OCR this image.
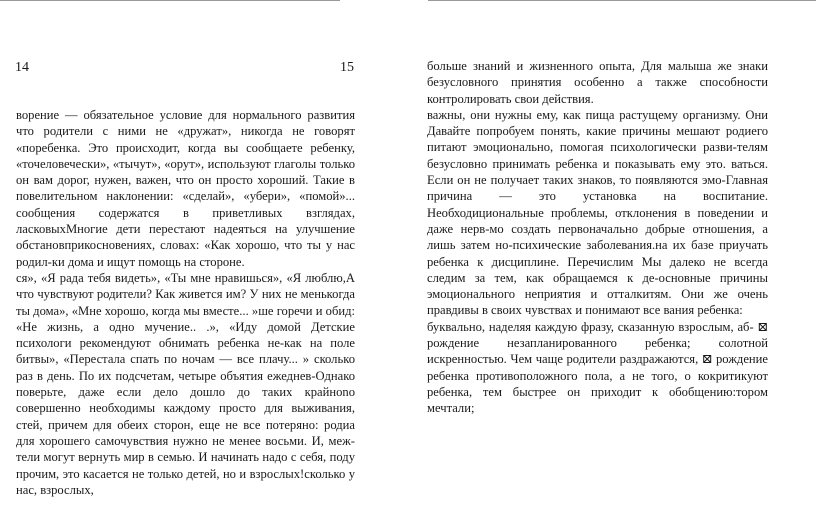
14	15

ворение — обязательное условие для нормального развития что родители с ними не «дружат», никогда не говорят «поребенка. Это происходит, когда вы сообщаете ребенку, «точеловечески», «тычут», «орут», используют глаголы только он вам дорог, нужен, важен, что он просто хороший. Такие в повелительном наклонении: «сделай», «убери», «помой»... сообщения содержатся в приветливых взглядах, ласковыхМногие дети перестают надеяться на улучшение обстановприкосновениях, словах: «Как хорошо, что ты у нас родил-ки дома и ищут помощь на стороне.

ся», «Я рада тебя видеть», «Ты мне нравишься», «Я люблю,А что чувствуют родители? Как живется им? У них не менькогда ты дома», «Мне хорошо, когда мы вместе... »ше горечи и обид: «Не жизнь, а одно мучение.. .», «Иду домой Детские психологи рекомендуют обнимать ребенка не-как на поле битвы», «Перестала спать по ночам — все плачу... » сколько раз в день. По их подсчетам, четыре объятия ежеднев-Однако поверьте, даже если дело дошло до таких крайнono совершенно необходимы каждому просто для выживания, стей, причем для обеих сторон, еще не все потеряно: родиа для хорошего самочувствия нужно не менее восьми. И, меж-тели могут вернуть мир в семью. И начинать надо с себя, поду прочим, это касается не только детей, но и взрослых!сколько у нас, взрослых,

больше знаний и жизненного опыта, Для малыша же знаки безусловного принятия особенно а также способности контролировать свои действия.

важны, они нужны ему, как пища растущему организму. Они Давайте попробуем понять, какие причины мешают родиего питают эмоционально, помогая психологически разви-телям безусловно принимать ребенка и показывать ему это. ваться. Если он не получает таких знаков, то появляются эмо-Главная причина — это установка на воспитание. Необходициональные проблемы, отклонения в поведении и даже нерв-мо создать первоначально добрые отношения, а лишь затем но-психические заболевания.на их базе приучать ребенка к дисциплине. Перечислим Мы далеко не всегда следим за тем, как обращаемся к де-основные причины эмоционального неприятия и отталкитям. Они же очень правдивы в своих чувствах и понимают все вания ребенка:

буквально, наделяя каждую фразу, сказанную взрослым, аб- ⊠ рождение незапланированного ребенка; солотной искренностью. Чем чаще родители раздражаются, ⊠ рождение ребенка противоположного пола, а не того, о кокритикуют ребенка, тем быстрее он приходит к обобщению:тором мечтали;
